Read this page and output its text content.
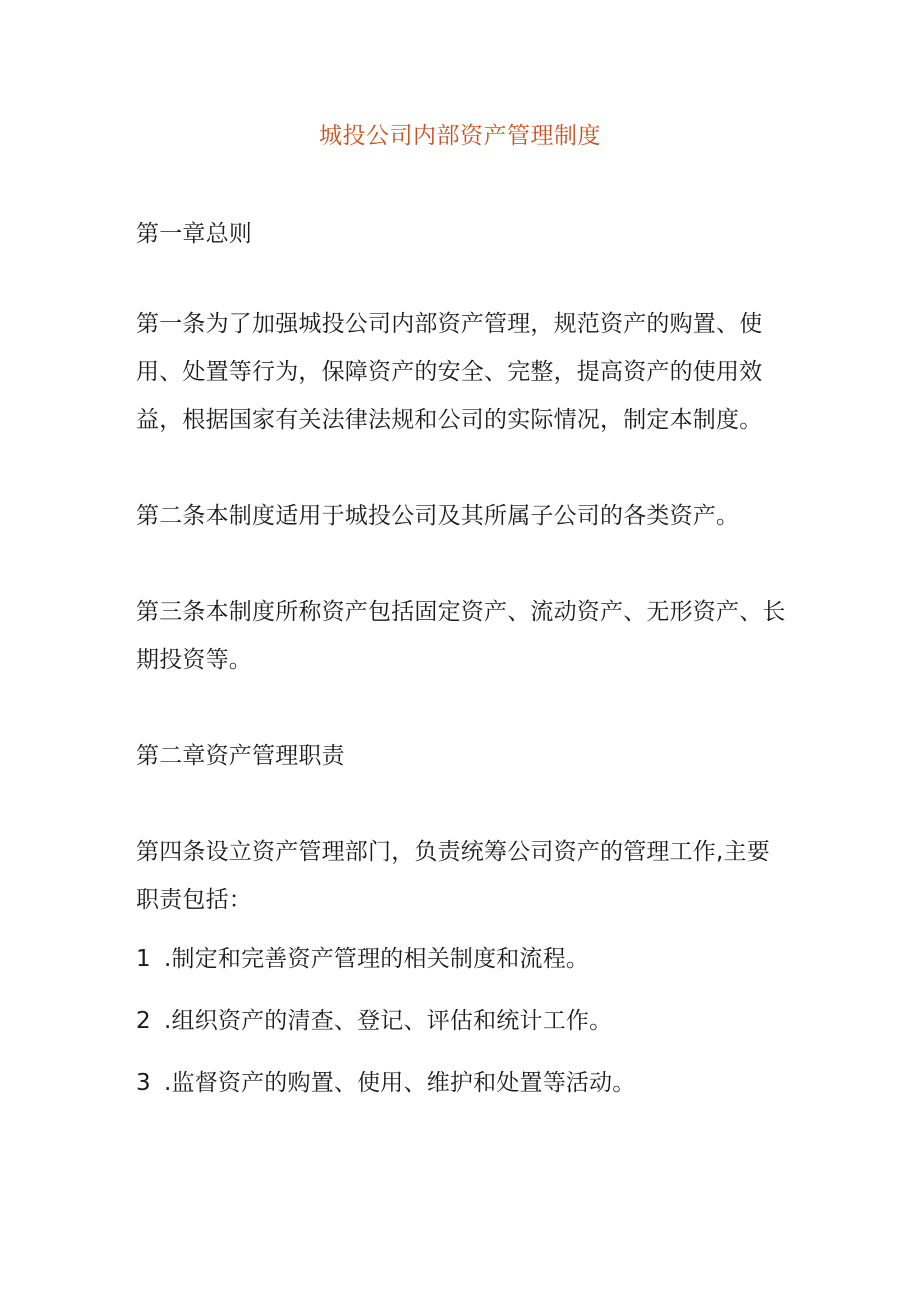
城投公司内部资产管理制度
第一章总则
第一条为了加强城投公司内部资产管理，规范资产的购置、使用、处置等行为，保障资产的安全、完整，提高资产的使用效益，根据国家有关法律法规和公司的实际情况，制定本制度。
第二条本制度适用于城投公司及其所属子公司的各类资产。
第三条本制度所称资产包括固定资产、流动资产、无形资产、长期投资等。
第二章资产管理职责
第四条设立资产管理部门，负责统筹公司资产的管理工作,主要职责包括：
1 .制定和完善资产管理的相关制度和流程。
2 .组织资产的清查、登记、评估和统计工作。
3 .监督资产的购置、使用、维护和处置等活动。
